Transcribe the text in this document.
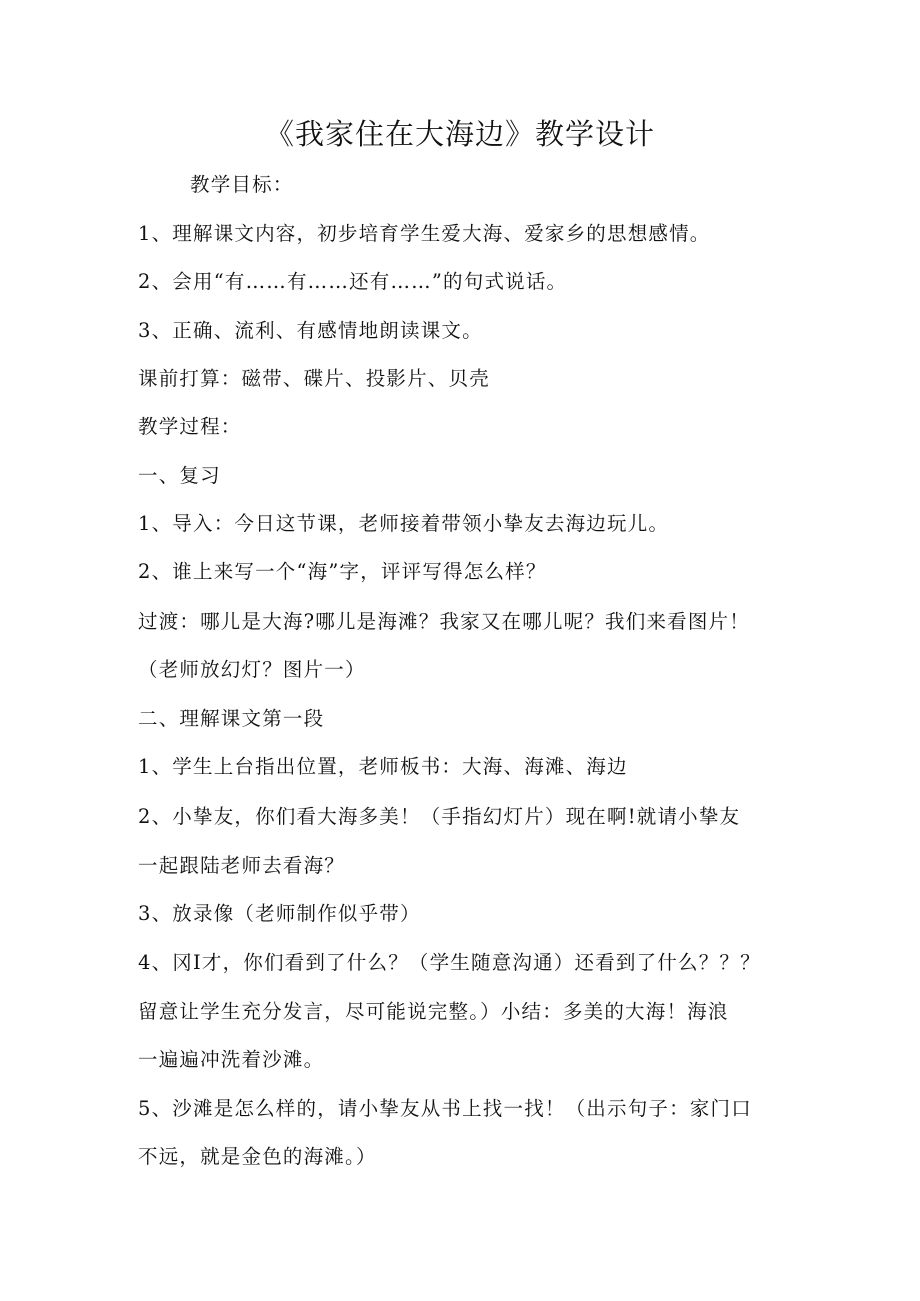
《我家住在大海边》教学设计
教学目标：
1、理解课文内容，初步培育学生爱大海、爱家乡的思想感情。
2、会用“有……有……还有……”的句式说话。
3、正确、流利、有感情地朗读课文。
课前打算：磁带、碟片、投影片、贝壳
教学过程：
一、复习
1、导入：今日这节课，老师接着带领小挚友去海边玩儿。
2、谁上来写一个“海”字，评评写得怎么样？
过渡：哪儿是大海?哪儿是海滩？我家又在哪儿呢？我们来看图片！
（老师放幻灯？图片一）
二、理解课文第一段
1、学生上台指出位置，老师板书：大海、海滩、海边
2、小挚友，你们看大海多美！（手指幻灯片）现在啊!就请小挚友
一起跟陆老师去看海？
3、放录像（老师制作似乎带）
4、冈I才，你们看到了什么？（学生随意沟通）还看到了什么？？？
留意让学生充分发言，尽可能说完整。）小结：多美的大海！海浪
一遍遍冲洗着沙滩。
5、沙滩是怎么样的，请小挚友从书上找一找！（出示句子：家门口
不远，就是金色的海滩。）
